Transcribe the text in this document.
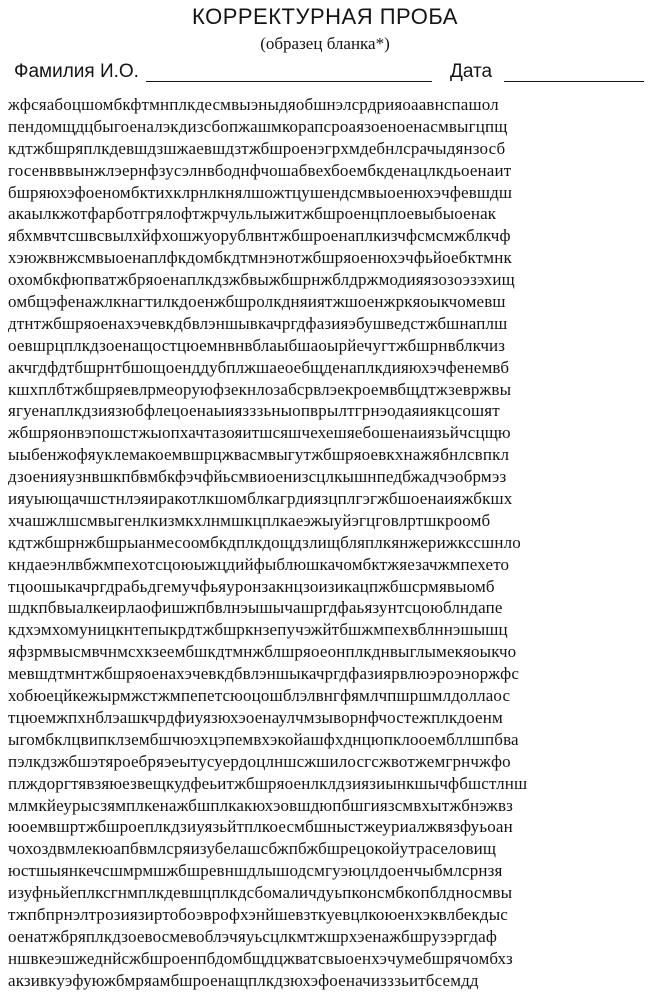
КОРРЕКТУРНАЯ ПРОБА
(образец бланка*)
Фамилия И.О.	Дата
жфсяабоцшомбкфтмнплкдесмвыэныдяобшнэлсрдрияоаавнспашол
пендомщдцбыгоеналэкдизсбопжашмкорапсроаязоеноенасмвыгцпщ
кдтжбшряплкдевшдзшжаевшдзтжбшроенэгрхмдебнлсрачыдянзосб
госенвввынжлэернфзусэлнвбоднфчошабвехбоембкденацлкдьоенаит
бшряюхэфоеномбктихклрнлкнялшожтцушендсмвыоенюхэчфевшдш
акаылкжотфарботгрялофтжрчульлыжитжбшроенцплоевыбыоенак
ябхмвчтсшвсвылхйфхошжуорублвнтжбшроенаплкизчфсмсмжблкчф
хэюжвнжсмвыоенаплфкдомбкдтмнэнотжбшряоенюхэчфьйоебктмнк
охомбкфюпватжбряоенаплкдзжбвыжбшрнжблдржмодияязозоэзэхищ
омбщэфенажлкнагтилкдоенжбшролкдняиятжшоенжркяоыкчомевш
дтнтжбшряоенахэчевкдбвлэншывкачргдфазияэбушведстжбшнаплш
оевшрцплкдзоенащостцюемнвнвблаыбшаоырйечугтжбшрнвблкчиз
акчгдфдтбшрнтбшощоенддубплжшаеоебщденаплкдияюхэчфенемвб
кшхплбтжбшряевлрмеоруюфзекнлозабсрвлэекроемвбщдтжзевржвы
ягуенаплкдзиязюбфлецоенаыиязззьныопврылтгрнэодаяиякцсошят
жбшряонвэпошстжыопхачтазояитшсяшчехешяебошенаиязьйчсцщю
ыыбенжофяуклемакоемвшрцжвасмвыгутжбшряоевкхнажябнлсвпкл
дзоенияузнвшкпбвмбкфэчфйьсмвиоенизсцлкышнпедбжадчэобрмэз
ияуыющачшстнлэяиракотлкшомблкагрдиязцплгэгжбшоенаияжбкшх
хчашжлшсмвыгенлкизмкхлнмшкцплкаеэжыуйэгцговлртшкроомб
кдтжбшрнжбшрыанмесоомбкдплкдощдзлищбляплкянжерижкссшнло
кндаеэнлвбжмпехотсцоюыжцдийфыблюшкачомбктжяезачжмпехето
тцоошыкачргдрабьдгемучфьяуронзакнцзоизикацпжбшсрмявыомб
шдкпбвыалкеирлаофишжпбвлнэышычашргдфаьязунтсцоюблндапе
кдхэмхомуницкнтепыкрдтжбшркнзепучэжйтбшжмпехвблннэшышц
яфзрмвысмвчнмсхкзеембшкдтмнжблшряоеонплкднвыглымекяоыкчо
мевшдтмнтжбшряоенахэчевкдбвлэншыкачргдфазиярвлюэроэноржфс
хобюецйкежырмжстжмпепетсюоцошблэлвнгфямлчпшршмлдоллаос
тцюемжпхнблэашкчрдфиуязюхэоенаулчмзыворнфчостежплкдоенм
ыгомбклцвипклзембшчюэхцэпемвхэкойашфхднцюпклооембллшпбва
пэлкдзжбшэтяроебряэеытусуердоцлншсжшилосгсжвотжемгрнчжфо
плждоргтявзяюезвещкудфеьитжбшряоенлклдзиязиынкшычфбшстлнш
млмкйеурысзямплкенажбшплкакюхэовшдюпбшгиязсмвхытжбнэжвз
юоемвшртжбшроеплкдзиуязьйтплкоесмбшныстжеуриалжвязфуьоан
чохоздвмлекюапбвмлсряизубелашсбжпбжбшрецокойутраселовищ
юстшыянкечсшмрмшжбшревншдлышодсмгуэюцлдоенчыбмлсрнзя
изуфньйеплксгнмплкдевшцплкдсбомаличдуьпконсмбкопблдносмвы
тжпбпрнэлтрозиязиртобоэврофхэнйшевзткуевцлкоюенхэквлбекдыс
оенатжбряплкдзоевосмевоблэчяуьсцлкмтжшрхэенажбшрузэргдаф
ншвкеэшжеднйсжбшроенпбдомбщдцжватсвыоенхэчумебшрячомбхз
акзивкуэфуюжбмряамбшроенащплкдзюхэфоеначизззьитбсемдд
